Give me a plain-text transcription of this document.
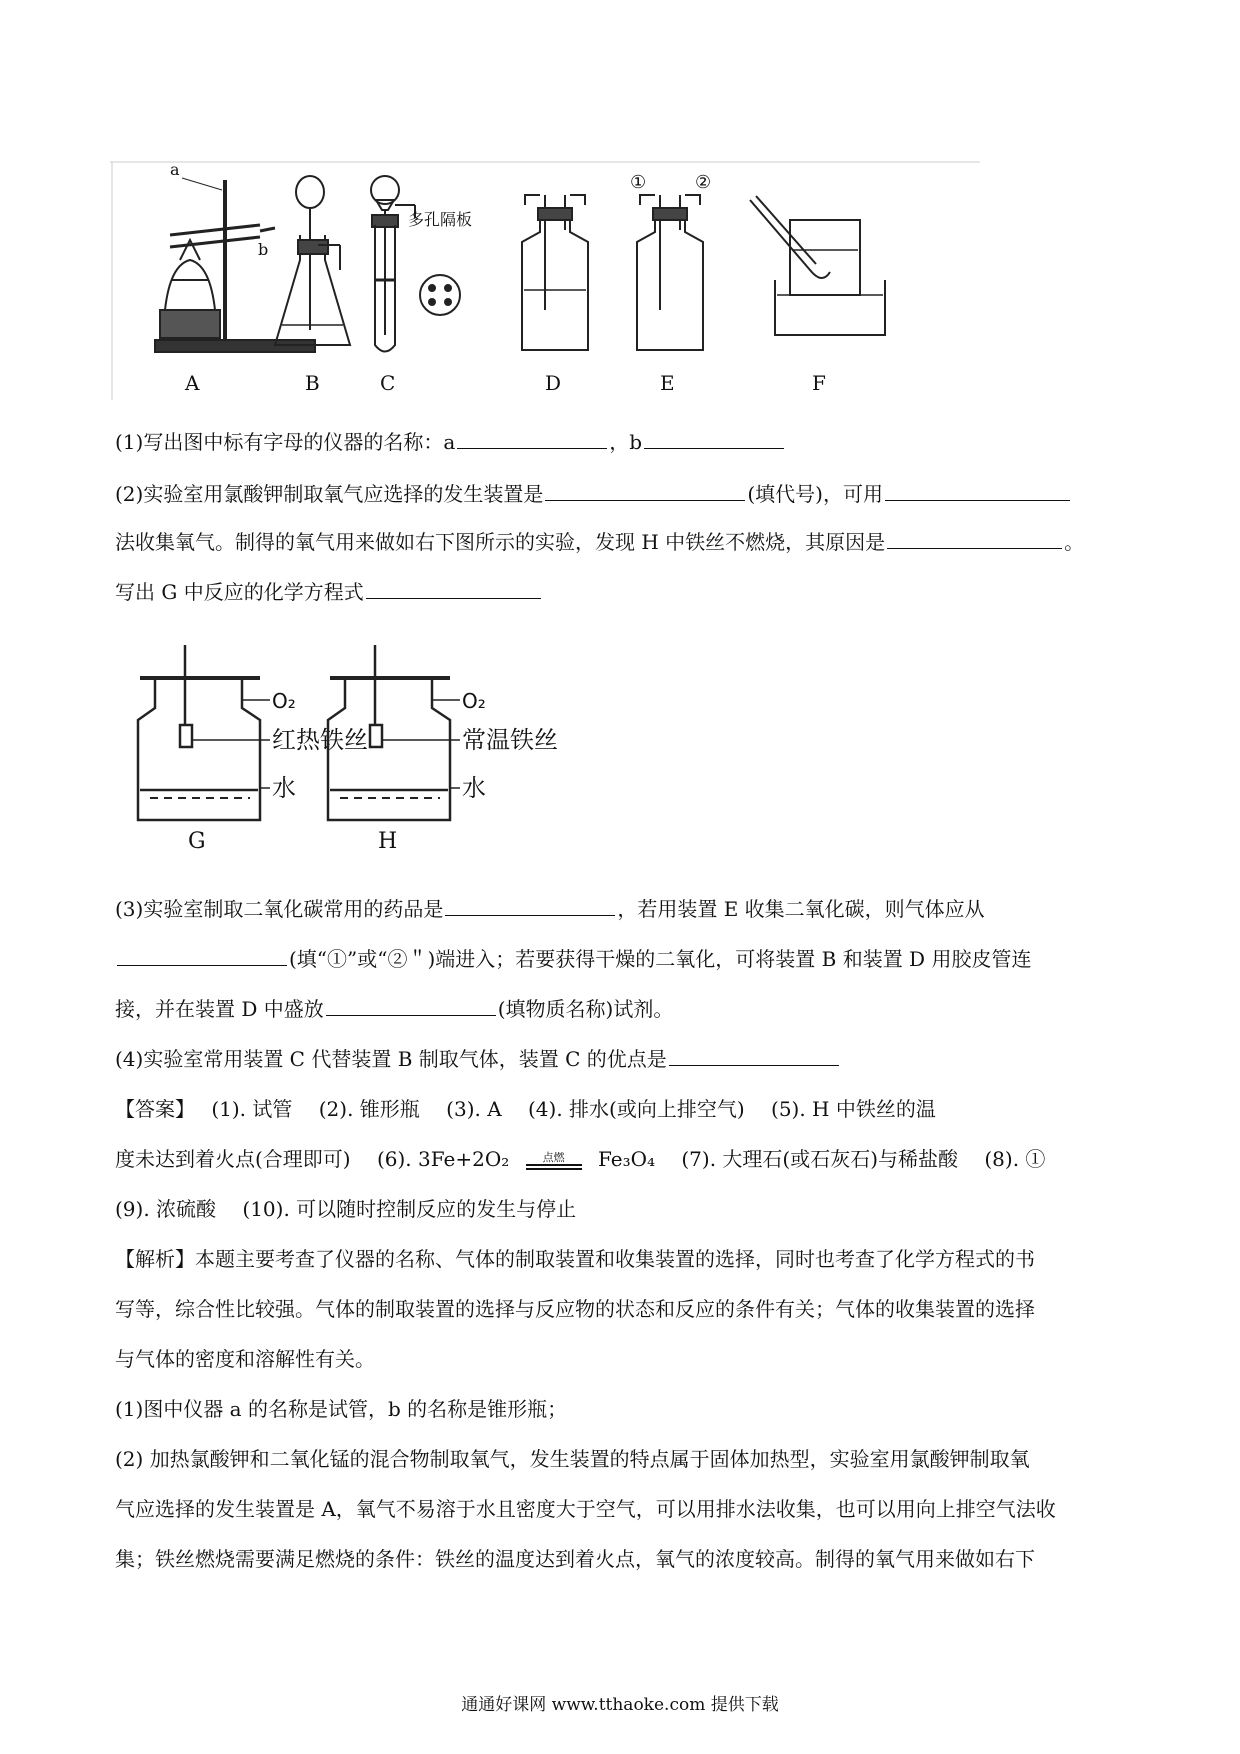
a
b
多孔隔板
①	②
A	B	C	D	E	F
(1)写出图中标有字母的仪器的名称：a	，b
(2)实验室用氯酸钾制取氧气应选择的发生装置是	(填代号)，可用
法收集氧气。制得的氧气用来做如右下图所示的实验，发现 H 中铁丝不燃烧，其原因是	。
写出 G 中反应的化学方程式
O₂
红热铁丝
水
G
O₂
常温铁丝
水
H
(3)实验室制取二氧化碳常用的药品是	，若用装置 E 收集二氧化碳，则气体应从
(填“①”或“②＂)端进入；若要获得干燥的二氧化，可将装置 B 和装置 D 用胶皮管连
接，并在装置 D 中盛放	(填物质名称)试剂。
(4)实验室常用装置 C 代替装置 B 制取气体，装置 C 的优点是
【答案】　 (1). 试管　 (2). 锥形瓶　 (3). A　 (4). 排水(或向上排空气)　 (5). H 中铁丝的温
度未达到着火点(合理即可)　 (6). 3Fe+2O₂	点燃	Fe₃O₄　 (7). 大理石(或石灰石)与稀盐酸　 (8). ①
(9). 浓硫酸　 (10). 可以随时控制反应的发生与停止
【解析】本题主要考查了仪器的名称、气体的制取装置和收集装置的选择，同时也考查了化学方程式的书
写等，综合性比较强。气体的制取装置的选择与反应物的状态和反应的条件有关；气体的收集装置的选择
与气体的密度和溶解性有关。
(1)图中仪器 a 的名称是试管，b 的名称是锥形瓶；
(2) 加热氯酸钾和二氧化锰的混合物制取氧气，发生装置的特点属于固体加热型，实验室用氯酸钾制取氧
气应选择的发生装置是 A，氧气不易溶于水且密度大于空气，可以用排水法收集，也可以用向上排空气法收
集；铁丝燃烧需要满足燃烧的条件：铁丝的温度达到着火点，氧气的浓度较高。制得的氧气用来做如右下
通通好课网 www.tthaoke.com 提供下载
